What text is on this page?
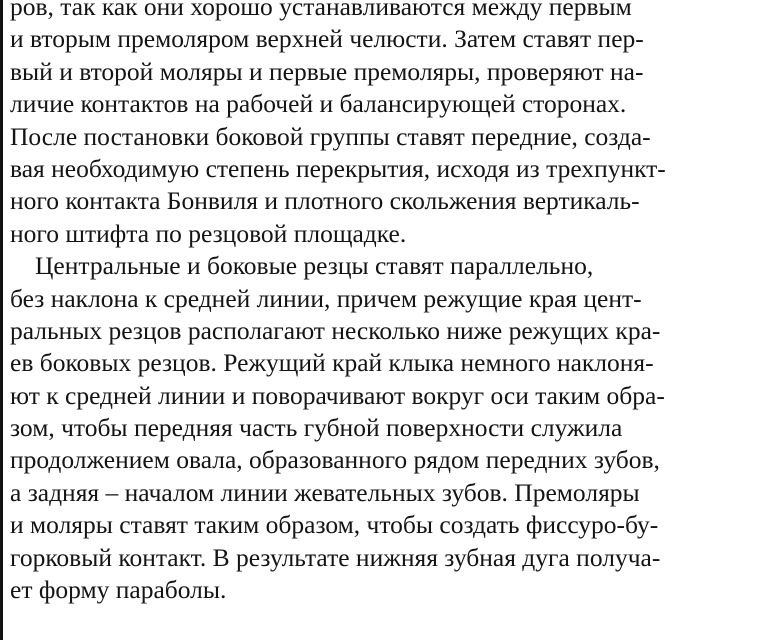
ров, так как они хорошо устанавливаются между первым
и вторым премоляром верхней челюсти. Затем ставят пер-
вый и второй моляры и первые премоляры, проверяют на-
личие контактов на рабочей и балансирующей сторонах.
После постановки боковой группы ставят передние, созда-
вая необходимую степень перекрытия, исходя из трехпункт-
ного контакта Бонвиля и плотного скольжения вертикаль-
ного штифта по резцовой площадке.
Центральные и боковые резцы ставят параллельно,
без наклона к средней линии, причем режущие края цент-
ральных резцов располагают несколько ниже режущих кра-
ев боковых резцов. Режущий край клыка немного наклоня-
ют к средней линии и поворачивают вокруг оси таким обра-
зом, чтобы передняя часть губной поверхности служила
продолжением овала, образованного рядом передних зубов,
а задняя – началом линии жевательных зубов. Премоляры
и моляры ставят таким образом, чтобы создать фиссуро-бу-
горковый контакт. В результате нижняя зубная дуга получа-
ет форму параболы.
